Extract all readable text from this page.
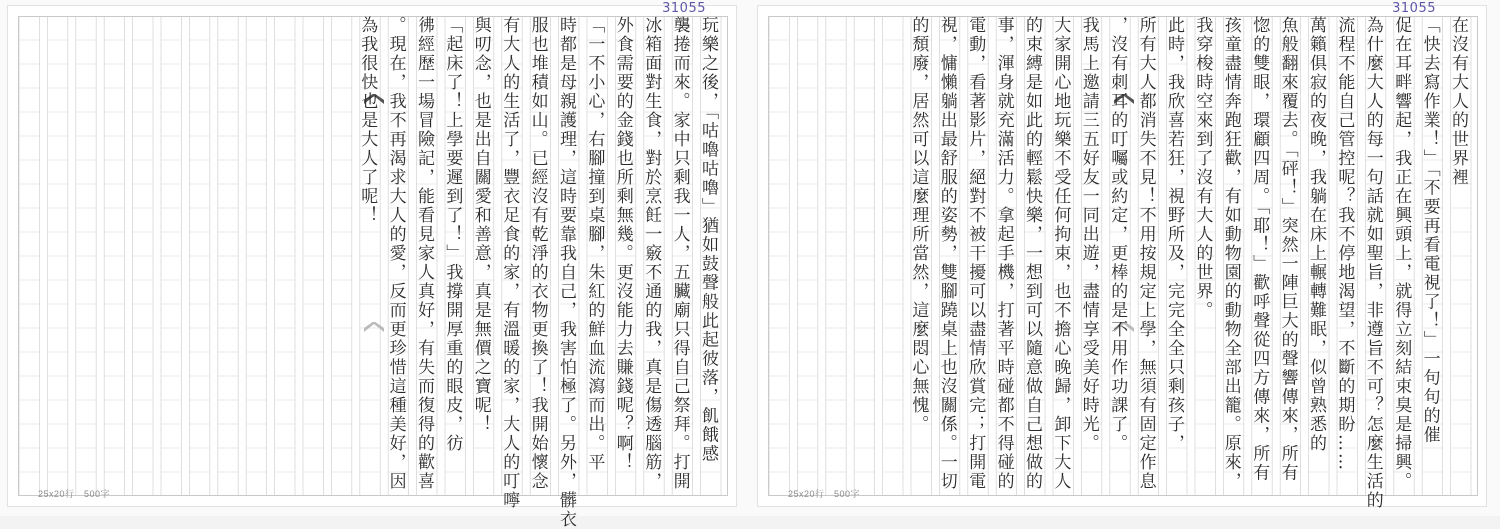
31055
玩樂之後，「咕嚕咕嚕」猶如鼓聲般此起彼落，飢餓感
襲捲而來。家中只剩我一人，五臟廟只得自己祭拜。打開
冰箱面對生食，對於烹飪一竅不通的我，真是傷透腦筋，
外食需要的金錢也所剩無幾。更沒能力去賺錢呢？啊！
「一不小心，右腳撞到桌腳，朱紅的鮮血流瀉而出。平
時都是母親護理，這時要靠我自己，我害怕極了。另外，髒衣
服也堆積如山。已經沒有乾淨的衣物更換了！我開始懷念
有大人的生活了，豐衣足食的家，有溫暖的家，大人的叮嚀
與叨念，也是出自關愛和善意，真是無價之寶呢！
「起床了！上學要遲到了！」我撐開厚重的眼皮，彷
彿經歷一場冒險記，能看見家人真好，有失而復得的歡喜
。現在，我不再渴求大人的愛，反而更珍惜這種美好，因
為我很快也是大人了呢！
25x20行　500字
31055
在沒有大人的世界裡
「快去寫作業！」「不要再看電視了！」一句句的催
促在耳畔響起，我正在興頭上，就得立刻結束臭是掃興。
為什麼大人的每一句話就如聖旨，非遵旨不可？怎麼生活的
流程不能自己管控呢？我不停地渴望，不斷的期盼……
萬籟俱寂的夜晚，我躺在床上輾轉難眠，似曾熟悉的
魚般翻來覆去。「砰！」突然一陣巨大的聲響傳來，所有
惚的雙眼，環顧四周。「耶！」歡呼聲從四方傳來，所有
孩童盡情奔跑狂歡，有如動物園的動物全部出籠。原來，
我穿梭時空來到了沒有大人的世界。
此時，我欣喜若狂，視野所及，完完全全只剩孩子，
所有大人都消失不見！不用按規定上學，無須有固定作息
，沒有刺耳的叮囑或約定，更棒的是不用作功課了。
我馬上邀請三五好友一同出遊，盡情享受美好時光。
大家開心地玩樂不受任何拘束，也不擔心晚歸，卸下大人
的束縛是如此的輕鬆快樂，一想到可以隨意做自己想做的
事，渾身就充滿活力。拿起手機，打著平時碰都不得碰的
電動，看著影片，絕對不被干擾可以盡情欣賞完；打開電
視，慵懶躺出最舒服的姿勢，雙腳蹺桌上也沒關係。一切
的頹廢，居然可以這麼理所當然，這麼悶心無愧。
25x20行　500字
